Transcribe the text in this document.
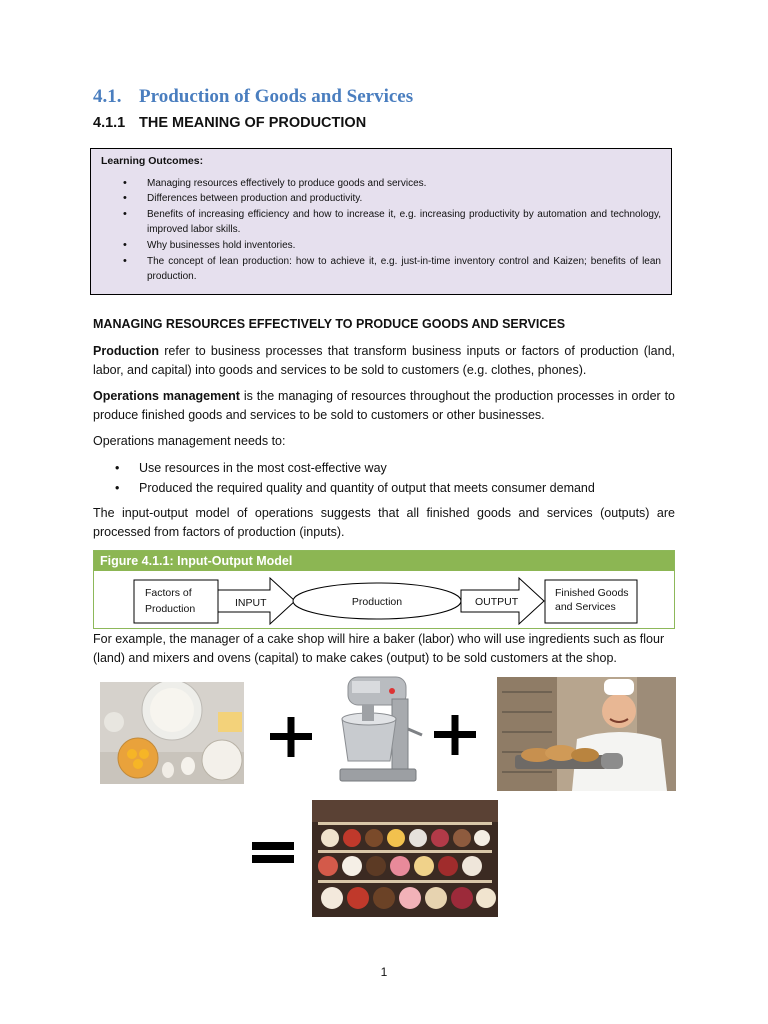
4.1. Production of Goods and Services
4.1.1 THE MEANING OF PRODUCTION

Learning Outcomes:

• Managing resources effectively to produce goods and services.
• Differences between production and productivity.
• Benefits of increasing efficiency and how to increase it, e.g. increasing productivity by automation and technology, improved labor skills.
• Why businesses hold inventories.
• The concept of lean production: how to achieve it, e.g. just-in-time inventory control and Kaizen; benefits of lean production.
MANAGING RESOURCES EFFECTIVELY TO PRODUCE GOODS AND SERVICES

Production refer to business processes that transform business inputs or factors of production (land, labor, and capital) into goods and services to be sold to customers (e.g. clothes, phones).

Operations management is the managing of resources throughout the production processes in order to produce finished goods and services to be sold to customers or other businesses.

Operations management needs to:

• Use resources in the most cost-effective way
• Produced the required quality and quantity of output that meets consumer demand

The input-output model of operations suggests that all finished goods and services (outputs) are processed from factors of production (inputs).

Figure 4.1.1: Input-Output Model
Factors of
Production	INPUT	Production	OUTPUT
Finished Goods
and Services

For example, the manager of a cake shop will hire a baker (labor) who will use ingredients such as flour (land) and mixers and ovens (capital) to make cakes (output) to be sold customers at the shop.

1
